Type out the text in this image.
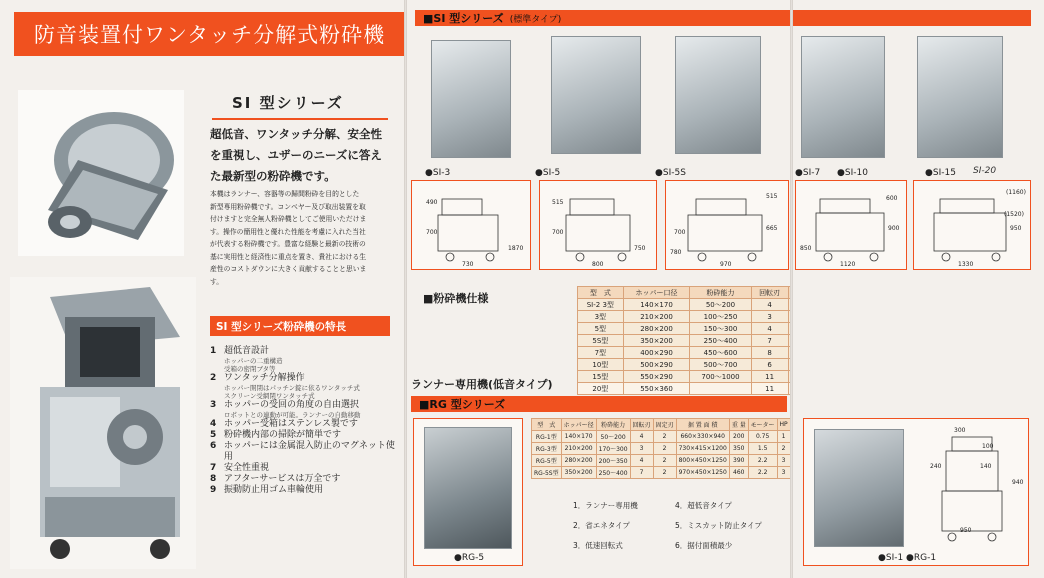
防音装置付ワンタッチ分解式粉砕機
SI 型シリーズ
超低音、ワンタッチ分解、安全性
を重視し、ユザーのニーズに答え
た最新型の粉砕機です。
本機はランナー、容器等の歸間粉砕を目的とした
新型専用粉砕機です。コンベヤー及び取出装置を取
付けますと完全無人粉砕機としてご使用いただけま
す。操作の簡用性と優れた性能を考慮に入れた当社
が代表する粉砕機です。豊富な経験と最新の技術の
基に実用性と経済性に重点を置き、貴社における生
産性のコストダウンに大きく貢献することと思いま
す。
SI 型シリーズ粉砕機の特長
1 超低音設計
ホッパーの二重構造
受箱の密閉ブタ等
2 ワンタッチ分解操作
ホッパー開閉はパッチン錠に依るワンタッチ式
スクリーン受網閉ワンタッチ式
3 ホッパーの受回の角度の自由選択
ロボットとの連動が可能。ランナーの自動移動
4 ホッパー受箱はステンレス製です
5 粉砕機内部の掃除が簡単です
6 ホッパーには金属混入防止のマグネット使用
7 安全性重視
8 アフターサービスは万全です
9 振動防止用ゴム車輪使用
■SI 型シリーズ (標準タイプ)
●SI-3	●SI-5	●SI-5S
490
700
730
1870
515
700
800
750
515
700
665
970
780
■粉砕機仕様
ランナー専用機(低音タイプ)
■RG 型シリーズ
●RG-5
型　式	ホッパー口径	粉砕能力	回転刃					
SI-2 3型	140×170	50～200	4					
3型	210×200	100～250	3					
5型	280×200	150～300	4					
5S型	350×200	250～400	7					
7型	400×290	450～600	8					
10型	500×290	500～700	6					
15型	550×290	700～1000	11					
20型	550×360		11					
型　式	ホッパー径	粉砕能力	回転刃	固定刃	据 置 面 積	重 量	モーター	HP
RG-1型	140×170	50～200	4	2	660×330×940	200	0.75	1
RG-3型	210×200	170～300	3	2	730×415×1200	350	1.5	2
RG-5型	280×200	200～350	4	2	800×450×1250	390	2.2	3
RG-5S型	350×200	250～400	7	2	970×450×1250	460	2.2	3
1．ランナー専用機
2．省エネタイプ
3．低速回転式
4．超低音タイプ
5．ミスカット防止タイプ
6．据付面積最少
●SI-7 ●SI-10	●SI-15 SI-20
600
900
1120
850
1330
950
(1160)
(1520)
300
100
240	140
940
950
●SI-1 ●RG-1
